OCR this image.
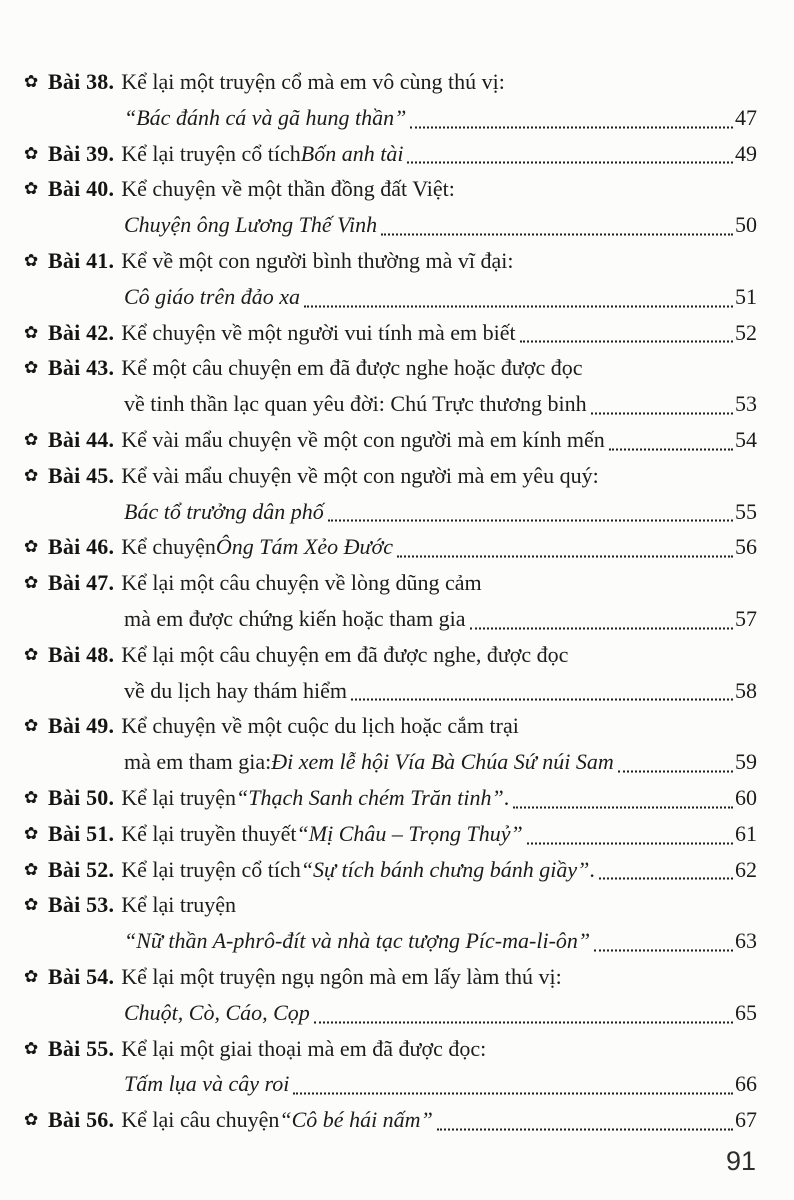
✿ Bài 38. Kể lại một truyện cổ mà em vô cùng thú vị:
“Bác đánh cá và gã hung thần”	47
✿ Bài 39. Kể lại truyện cổ tích Bốn anh tài	49
✿ Bài 40. Kể chuyện về một thần đồng đất Việt:
Chuyện ông Lương Thế Vinh	50
✿ Bài 41. Kể về một con người bình thường mà vĩ đại:
Cô giáo trên đảo xa	51
✿ Bài 42. Kể chuyện về một người vui tính mà em biết	52
✿ Bài 43. Kể một câu chuyện em đã được nghe hoặc được đọc
về tinh thần lạc quan yêu đời: Chú Trực thương binh	53
✿ Bài 44. Kể vài mẩu chuyện về một con người mà em kính mến	54
✿ Bài 45. Kể vài mẩu chuyện về một con người mà em yêu quý:
Bác tổ trưởng dân phố	55
✿ Bài 46. Kể chuyện Ông Tám Xẻo Đước	56
✿ Bài 47. Kể lại một câu chuyện về lòng dũng cảm
mà em được chứng kiến hoặc tham gia	57
✿ Bài 48. Kể lại một câu chuyện em đã được nghe, được đọc
về du lịch hay thám hiểm	58
✿ Bài 49. Kể chuyện về một cuộc du lịch hoặc cắm trại
mà em tham gia: Đi xem lễ hội Vía Bà Chúa Sứ núi Sam	59
✿ Bài 50. Kể lại truyện “Thạch Sanh chém Trăn tinh” .	60
✿ Bài 51. Kể lại truyền thuyết “Mị Châu – Trọng Thuỷ”	61
✿ Bài 52. Kể lại truyện cổ tích “Sự tích bánh chưng bánh giầy” .	62
✿ Bài 53. Kể lại truyện
“Nữ thần A-phrô-đít và nhà tạc tượng Píc-ma-li-ôn”	63
✿ Bài 54. Kể lại một truyện ngụ ngôn mà em lấy làm thú vị:
Chuột, Cò, Cáo, Cọp	65
✿ Bài 55. Kể lại một giai thoại mà em đã được đọc:
Tấm lụa và cây roi	66
✿ Bài 56. Kể lại câu chuyện “Cô bé hái nấm”	67
91
